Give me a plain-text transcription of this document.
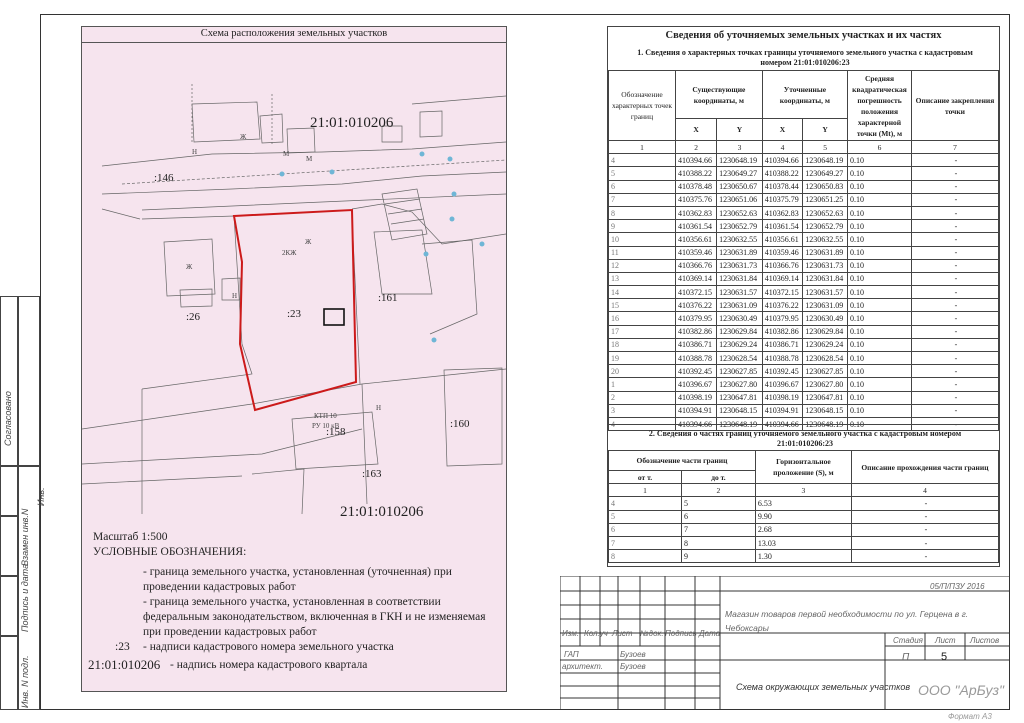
Согласовано
Инв.
Взамен инв.N
Подпись и дата
Инв. N подл.
Схема расположения земельных участков
21:01:010206
:146
:26	:23
:161
:158
:160
:163
21:01:010206
Ж
М
М
Н
Ж
2КЖ
Ж
Н
КТП 10
РУ 10 кВ
Н
Масштаб 1:500
УСЛОВНЫЕ ОБОЗНАЧЕНИЯ:
- граница земельного участка, установленная (уточненная) при проведении кадастровых работ
- граница земельного участка, установленная в соответствии федеральным законодательством, включенная в ГКН и не изменяемая при проведении кадастровых работ
:23 - надписи кадастрового номера земельного участка
21:01:010206 - надпись номера кадастрового квартала
Сведения об уточняемых земельных участках и их частях
1. Сведения о характерных точках границы уточняемого земельного участка с кадастровым номером 21:01:010206:23
Обозначение характерных точек границ	Существующие координаты, м		Уточненные координаты, м		Средняя квадратическая погрешность положения характерной точки (Mt), м	Описание закрепления точки
	X	Y	X	Y		
1	2	3	4	5	6	7
4	410394.66	1230648.19	410394.66	1230648.19	0.10	-
5	410388.22	1230649.27	410388.22	1230649.27	0.10	-
6	410378.48	1230650.67	410378.44	1230650.83	0.10	-
7	410375.76	1230651.06	410375.79	1230651.25	0.10	-
8	410362.83	1230652.63	410362.83	1230652.63	0.10	-
9	410361.54	1230652.79	410361.54	1230652.79	0.10	-
10	410356.61	1230632.55	410356.61	1230632.55	0.10	-
11	410359.46	1230631.89	410359.46	1230631.89	0.10	-
12	410366.76	1230631.73	410366.76	1230631.73	0.10	-
13	410369.14	1230631.84	410369.14	1230631.84	0.10	-
14	410372.15	1230631.57	410372.15	1230631.57	0.10	-
15	410376.22	1230631.09	410376.22	1230631.09	0.10	-
16	410379.95	1230630.49	410379.95	1230630.49	0.10	-
17	410382.86	1230629.84	410382.86	1230629.84	0.10	-
18	410386.71	1230629.24	410386.71	1230629.24	0.10	-
19	410388.78	1230628.54	410388.78	1230628.54	0.10	-
20	410392.45	1230627.85	410392.45	1230627.85	0.10	-
1	410396.67	1230627.80	410396.67	1230627.80	0.10	-
2	410398.19	1230647.81	410398.19	1230647.81	0.10	-
3	410394.91	1230648.15	410394.91	1230648.15	0.10	-
4	410394.66	1230648.19	410394.66	1230648.19	0.10	-
2. Сведения о частях границ уточняемого земельного участка с кадастровым номером 21:01:010206:23
Обозначение части границ		Горизонтальное проложение (S), м	Описание прохождения части границ
от т.	до т.		
1	2	3	4
4	5	6.53	-
5	6	9.90	-
6	7	2.68	-
7	8	13.03	-
8	9	1.30	-
05/П/ПЗУ 2016
Магазин товаров первой необходимости по ул. Герцена в г. Чебоксары
Изм. Кол.уч Лист №док. Подпись Дата
ГАП	Бузоев
архитект. Бузоев
Стадия Лист Листов
П	5
Схема окружающих земельных участков ООО "АрБуз"
Формат А3
